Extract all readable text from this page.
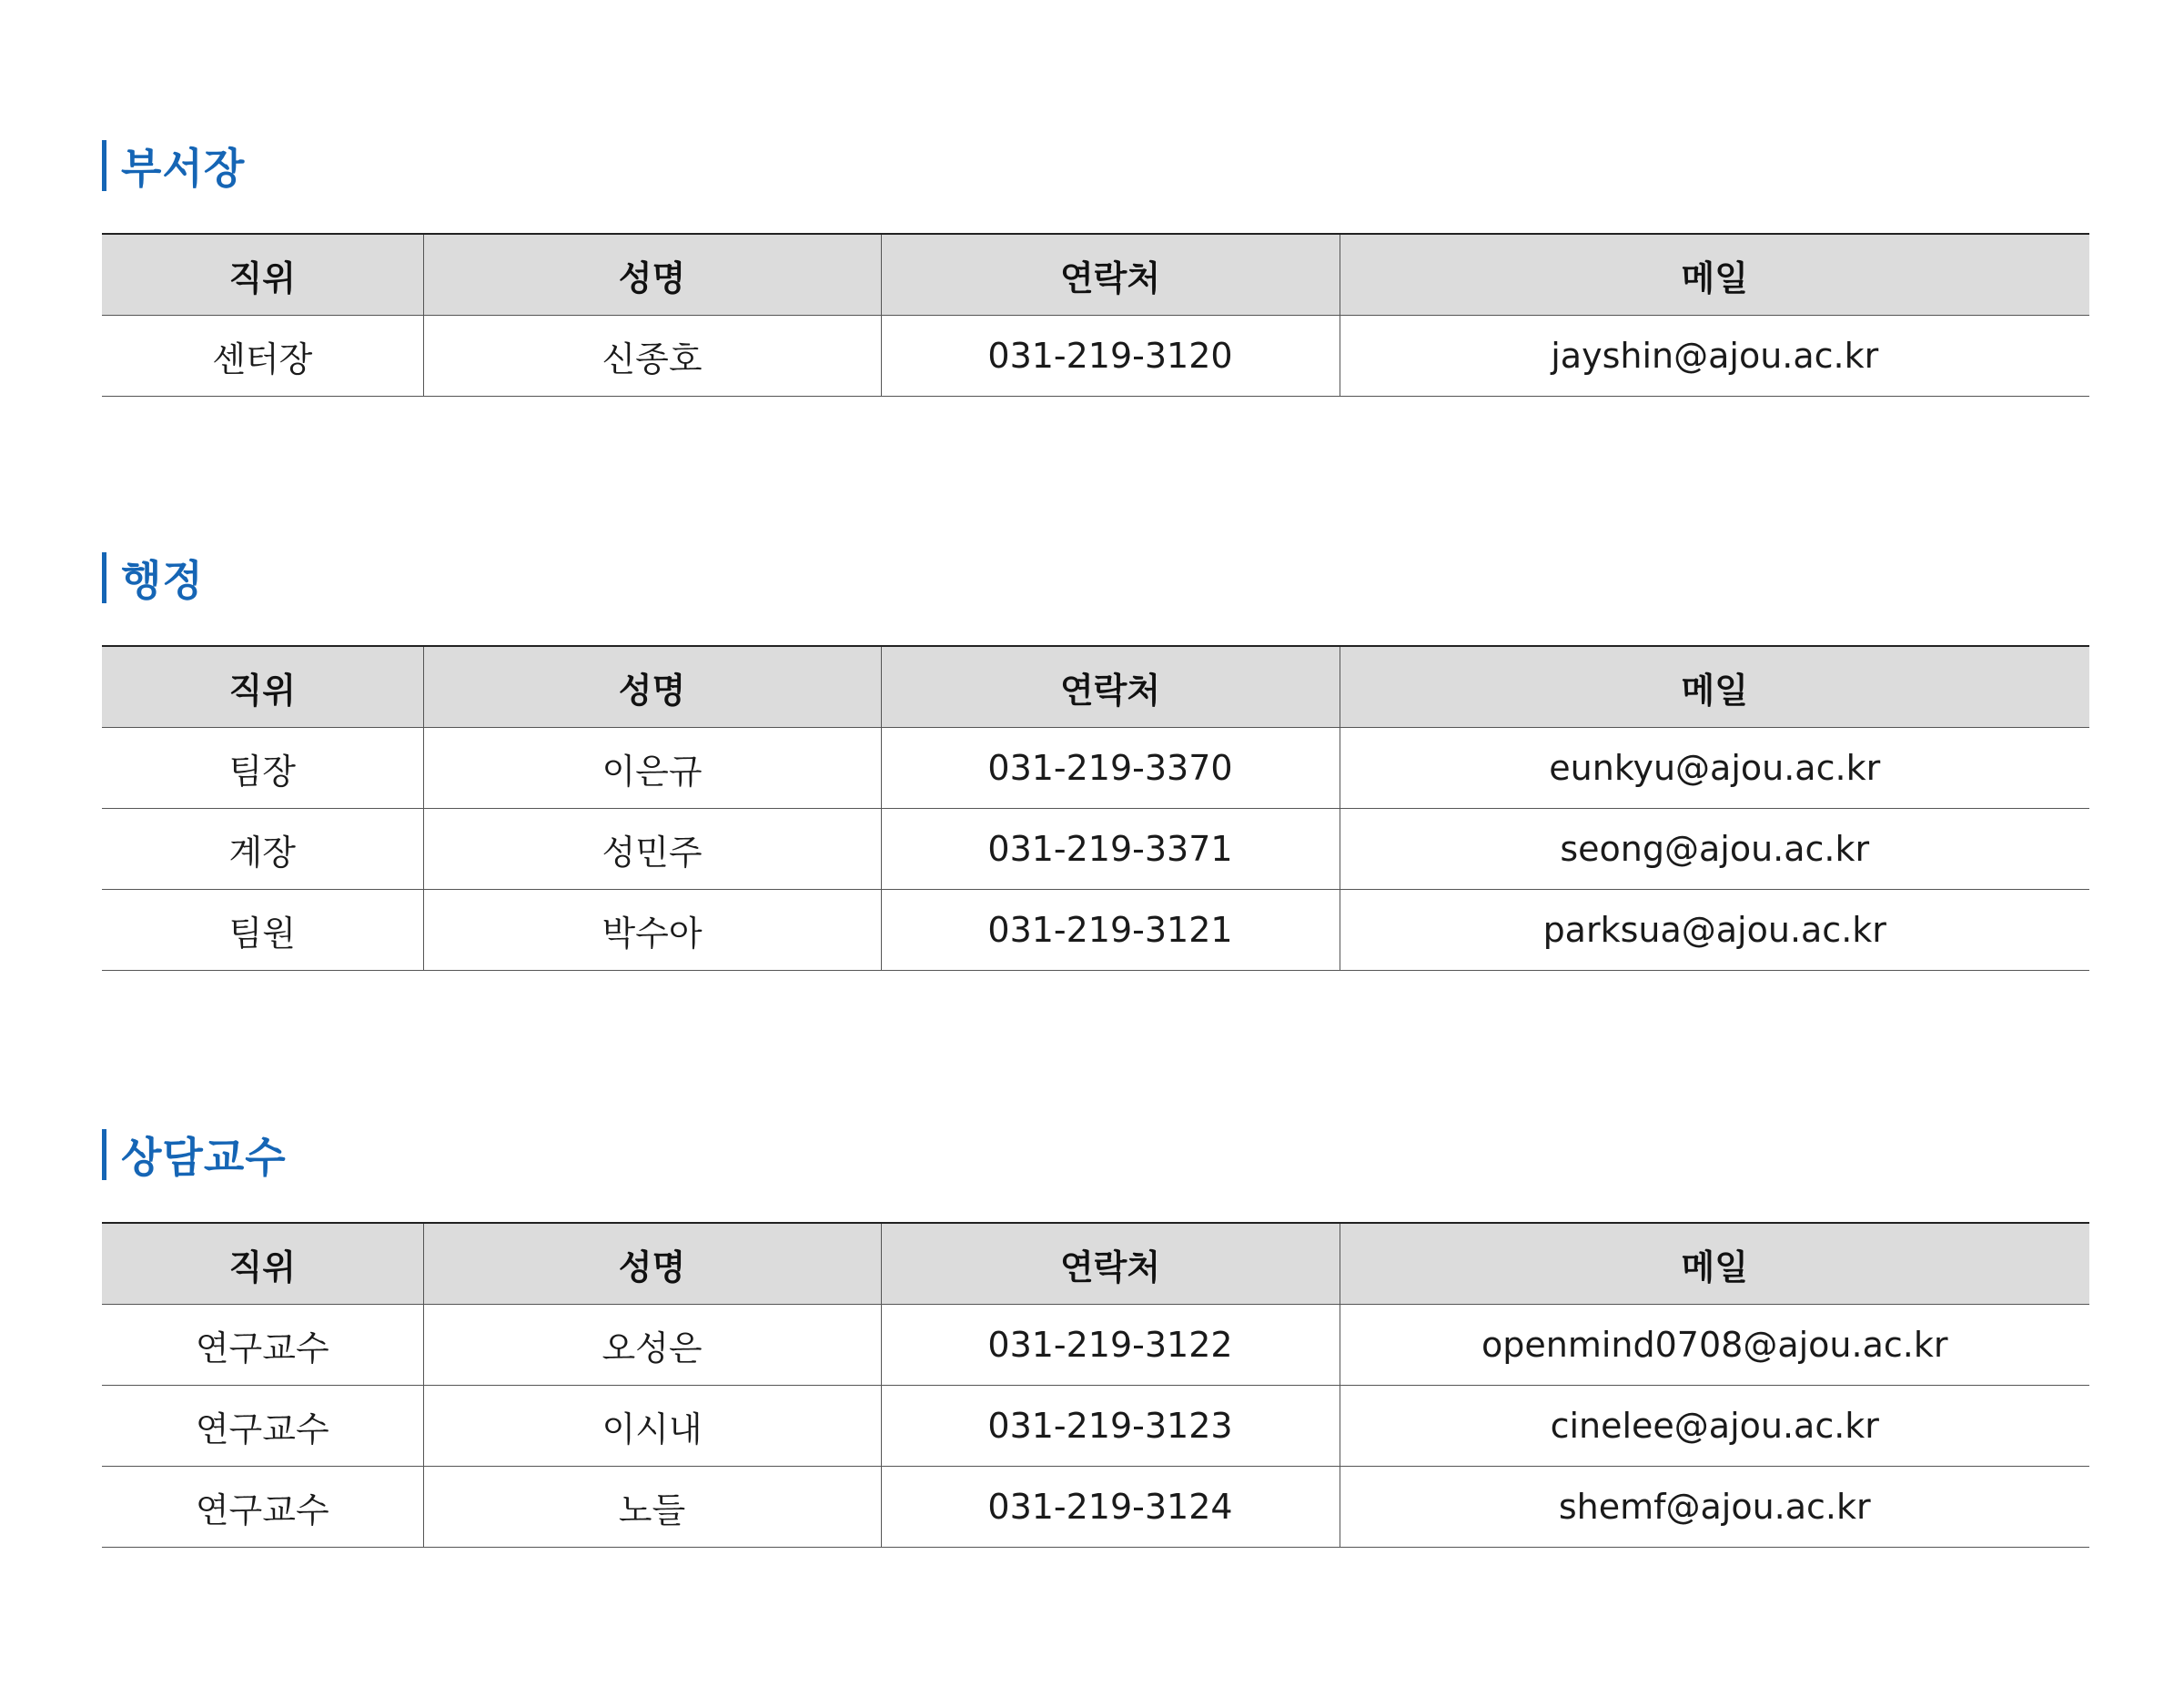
부서장
직위	성명	연락처	메일
센터장	신종호	031-219-3120	jayshin@ajou.ac.kr
행정
직위	성명	연락처	메일
팀장	이은규	031-219-3370	eunkyu@ajou.ac.kr
계장	성민주	031-219-3371	seong@ajou.ac.kr
팀원	박수아	031-219-3121	parksua@ajou.ac.kr
상담교수
직위	성명	연락처	메일
연구교수	오성은	031-219-3122	openmind0708@ajou.ac.kr
연구교수	이시내	031-219-3123	cinelee@ajou.ac.kr
연구교수	노들	031-219-3124	shemf@ajou.ac.kr
